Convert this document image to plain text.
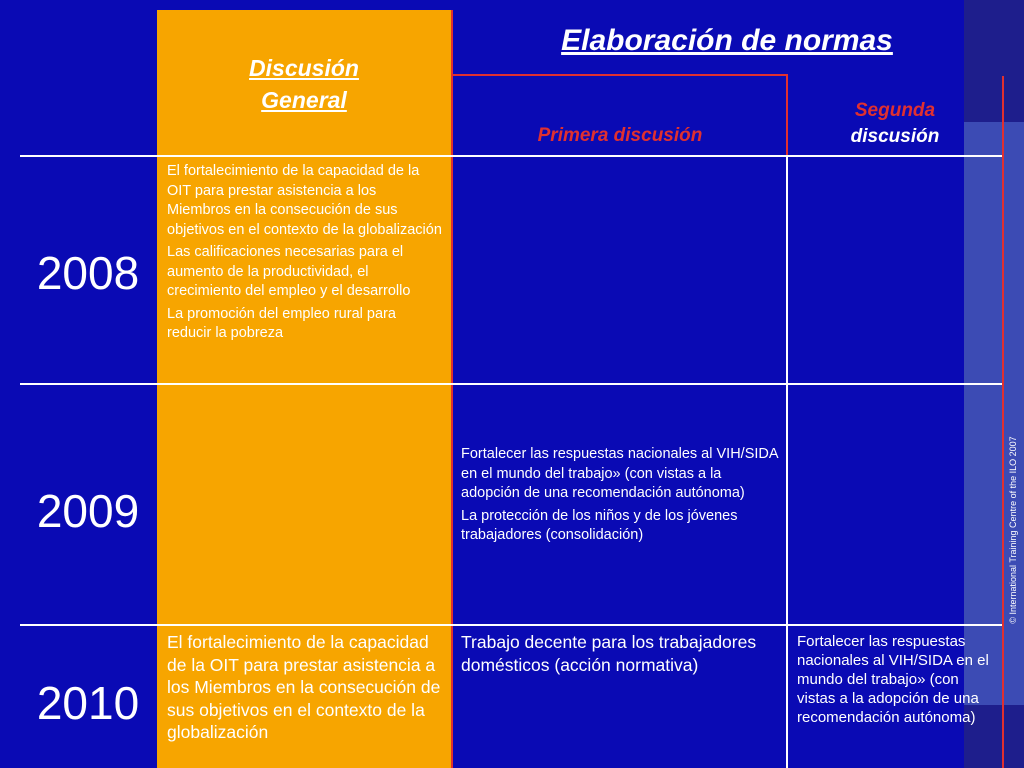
Discusión
General
Elaboración de normas
Primera discusión
Segunda
discusión
2008
2009
2010

El fortalecimiento de la capacidad de la OIT para prestar asistencia a los Miembros en la consecución de sus objetivos en el contexto de la globalización

Las calificaciones necesarias para el aumento de la productividad, el crecimiento del empleo y el desarrollo

La promoción del empleo rural para reducir la pobreza

Fortalecer las respuestas nacionales al VIH/SIDA en el mundo del trabajo» (con vistas a la adopción de una recomendación autónoma)

La protección de los niños y de los jóvenes trabajadores (consolidación)

El fortalecimiento de la capacidad de la OIT para prestar asistencia a los Miembros en la consecución de sus objetivos en el contexto de la globalización

Trabajo decente para los trabajadores domésticos (acción normativa)

Fortalecer las respuestas nacionales al VIH/SIDA en el mundo del trabajo» (con vistas a la adopción de una recomendación autónoma)

© International Training Centre of the ILO 2007
